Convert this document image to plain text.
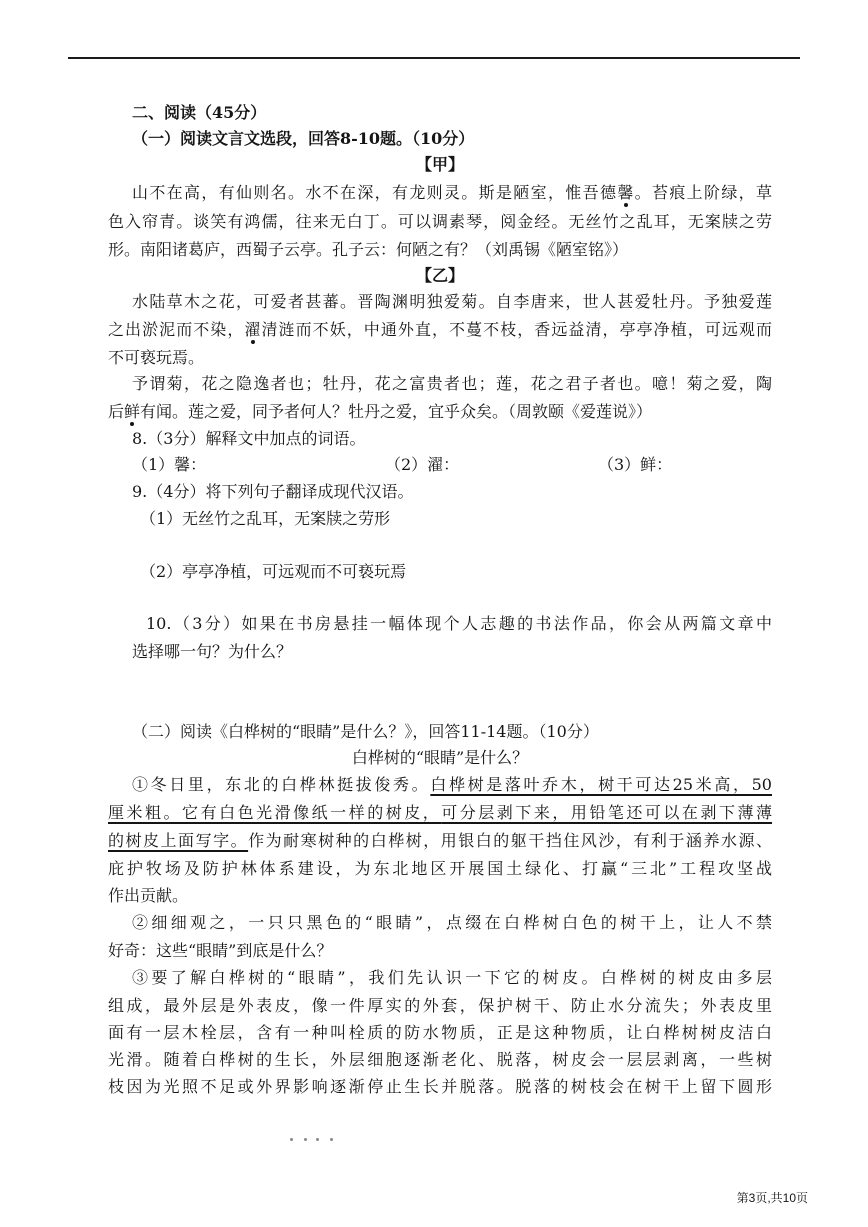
二、阅读（45分）
（一）阅读文言文选段，回答8-10题。（10分）
【甲】
山不在高，有仙则名。水不在深，有龙则灵。斯是陋室，惟吾德馨。苔痕上阶绿，草
色入帘青。谈笑有鸿儒，往来无白丁。可以调素琴，阅金经。无丝竹之乱耳，无案牍之劳
形。南阳诸葛庐，西蜀子云亭。孔子云：何陋之有？（刘禹锡《陋室铭》）
【乙】
水陆草木之花，可爱者甚蕃。晋陶渊明独爱菊。自李唐来，世人甚爱牡丹。予独爱莲
之出淤泥而不染，濯清涟而不妖，中通外直，不蔓不枝，香远益清，亭亭净植，可远观而
不可亵玩焉。
予谓菊，花之隐逸者也；牡丹，花之富贵者也；莲，花之君子者也。噫！菊之爱，陶
后鲜有闻。莲之爱，同予者何人？牡丹之爱，宜乎众矣。（周敦颐《爱莲说》）
8.（3分）解释文中加点的词语。
（1）馨：	（2）濯：	（3）鲜：
9.（4分）将下列句子翻译成现代汉语。
（1）无丝竹之乱耳，无案牍之劳形
（2）亭亭净植，可远观而不可亵玩焉
10.（3分）如果在书房悬挂一幅体现个人志趣的书法作品，你会从两篇文章中
选择哪一句？为什么？
（二）阅读《白桦树的“眼睛”是什么？》，回答11-14题。（10分）
白桦树的“眼睛”是什么？
①冬日里，东北的白桦林挺拔俊秀。白桦树是落叶乔木，树干可达25米高，50
厘米粗。它有白色光滑像纸一样的树皮，可分层剥下来，用铅笔还可以在剥下薄薄
的树皮上面写字。作为耐寒树种的白桦树，用银白的躯干挡住风沙，有利于涵养水源、
庇护牧场及防护林体系建设，为东北地区开展国土绿化、打赢“三北”工程攻坚战
作出贡献。
②细细观之，一只只黑色的“眼睛”，点缀在白桦树白色的树干上，让人不禁
好奇：这些“眼睛”到底是什么？
③要了解白桦树的“眼睛”，我们先认识一下它的树皮。白桦树的树皮由多层
组成，最外层是外表皮，像一件厚实的外套，保护树干、防止水分流失；外表皮里
面有一层木栓层，含有一种叫栓质的防水物质，正是这种物质，让白桦树树皮洁白
光滑。随着白桦树的生长，外层细胞逐渐老化、脱落，树皮会一层层剥离，一些树
枝因为光照不足或外界影响逐渐停止生长并脱落。脱落的树枝会在树干上留下圆形
第3页,共10页
